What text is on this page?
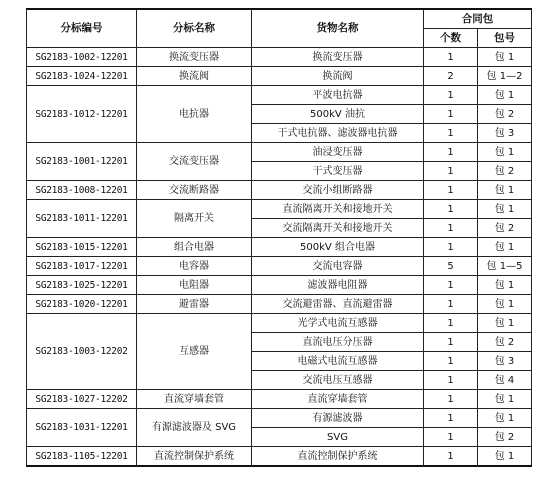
分标编号	分标名称	货物名称	合同包	
			个数	包号
SG2183-1002-12201	换流变压器	换流变压器	1	包 1
SG2183-1024-12201	换流阀	换流阀	2	包 1—2
SG2183-1012-12201	电抗器	平波电抗器	1	包 1
		500kV 油抗	1	包 2
		干式电抗器、滤波器电抗器	1	包 3
SG2183-1001-12201	交流变压器	油浸变压器	1	包 1
		干式变压器	1	包 2
SG2183-1008-12201	交流断路器	交流小组断路器	1	包 1
SG2183-1011-12201	隔离开关	直流隔离开关和接地开关	1	包 1
		交流隔离开关和接地开关	1	包 2
SG2183-1015-12201	组合电器	500kV 组合电器	1	包 1
SG2183-1017-12201	电容器	交流电容器	5	包 1—5
SG2183-1025-12201	电阻器	滤波器电阻器	1	包 1
SG2183-1020-12201	避雷器	交流避雷器、直流避雷器	1	包 1
SG2183-1003-12202	互感器	光学式电流互感器	1	包 1
		直流电压分压器	1	包 2
		电磁式电流互感器	1	包 3
		交流电压互感器	1	包 4
SG2183-1027-12202	直流穿墙套管	直流穿墙套管	1	包 1
SG2183-1031-12201	有源滤波器及 SVG	有源滤波器	1	包 1
		SVG	1	包 2
SG2183-1105-12201	直流控制保护系统	直流控制保护系统	1	包 1
